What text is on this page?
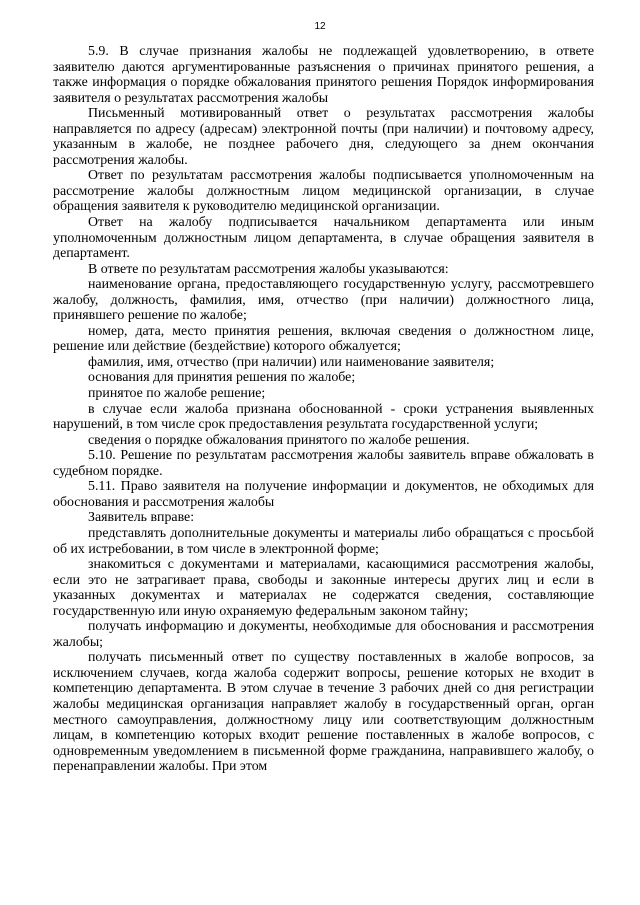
12

5.9. В случае признания жалобы не подлежащей удовлетворению, в ответе заявителю даются аргументированные разъяснения о причинах принятого решения, а также информация о порядке обжалования принятого решения Порядок информирования заявителя о результатах рассмотрения жалобы

Письменный мотивированный ответ о результатах рассмотрения жалобы направляется по адресу (адресам) электронной почты (при наличии) и почтовому адресу, указанным в жалобе, не позднее рабочего дня, следующего за днем окончания рассмотрения жалобы.

Ответ по результатам рассмотрения жалобы подписывается уполномоченным на рассмотрение жалобы должностным лицом медицинской организации, в случае обращения заявителя к руководителю медицинской организации.

Ответ на жалобу подписывается начальником департамента или иным уполномоченным должностным лицом департамента, в случае обращения заявителя в департамент.

В ответе по результатам рассмотрения жалобы указываются:

наименование органа, предоставляющего государственную услугу, рассмотревшего жалобу, должность, фамилия, имя, отчество (при наличии) должностного лица, принявшего решение по жалобе;

номер, дата, место принятия решения, включая сведения о должностном лице, решение или действие (бездействие) которого обжалуется;

фамилия, имя, отчество (при наличии) или наименование заявителя;

основания для принятия решения по жалобе;

принятое по жалобе решение;

в случае если жалоба признана обоснованной - сроки устранения выявленных нарушений, в том числе срок предоставления результата государственной услуги;

сведения о порядке обжалования принятого по жалобе решения.

5.10. Решение по результатам рассмотрения жалобы заявитель вправе обжаловать в судебном порядке.

5.11. Право заявителя на получение информации и документов, не обходимых для обоснования и рассмотрения жалобы

Заявитель вправе:

представлять дополнительные документы и материалы либо обращаться с просьбой об их истребовании, в том числе в электронной форме;

знакомиться с документами и материалами, касающимися рассмотрения жалобы, если это не затрагивает права, свободы и законные интересы других лиц и если в указанных документах и материалах не содержатся сведения, составляющие государственную или иную охраняемую федеральным законом тайну;

получать информацию и документы, необходимые для обоснования и рассмотрения жалобы;

получать письменный ответ по существу поставленных в жалобе вопросов, за исключением случаев, когда жалоба содержит вопросы, решение которых не входит в компетенцию департамента. В этом случае в течение 3 рабочих дней со дня регистрации жалобы медицинская организация направляет жалобу в государственный орган, орган местного самоуправления, должностному лицу или соответствующим должностным лицам, в компетенцию которых входит решение поставленных в жалобе вопросов, с одновременным уведомлением в письменной форме гражданина, направившего жалобу, о перенаправлении жалобы. При этом
